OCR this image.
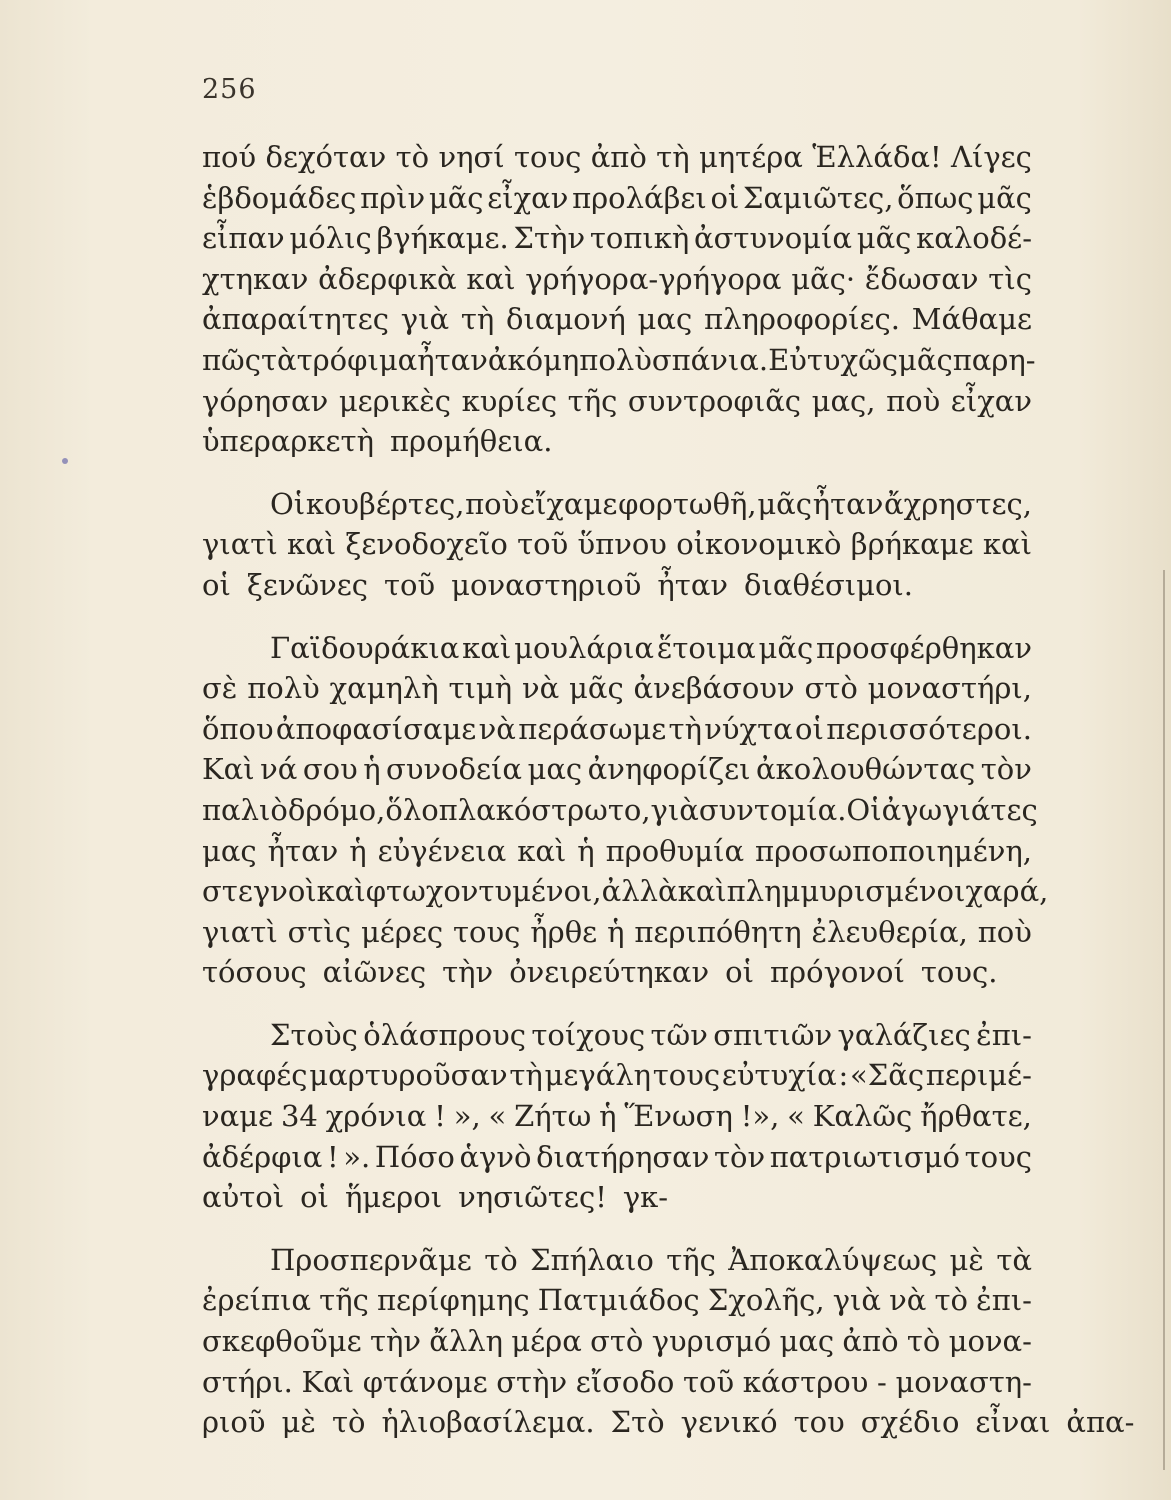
256
πού δεχόταν τὸ νησί τους ἀπὸ τὴ μητέρα Ἑλλάδα! Λίγες
ἑβδομάδες πρὶν μᾶς εἶχαν προλάβει οἱ Σαμιῶτες, ὅπως μᾶς
εἶπαν μόλις βγήκαμε. Στὴν τοπικὴ ἀστυνομία μᾶς καλοδέ-
χτηκαν ἀδερφικὰ καὶ γρήγορα-γρήγορα μᾶς· ἔδωσαν τὶς
ἀπαραίτητες γιὰ τὴ διαμονή μας πληροφορίες. Μάθαμε
πῶς τὰ τρόφιμα ἦταν ἀκόμη πολὺ σπάνια. Εὐτυχῶς μᾶς παρη-
γόρησαν μερικὲς κυρίες τῆς συντροφιᾶς μας, ποὺ εἶχαν
ὑπεραρκετὴ προμήθεια.
Οἱ κουβέρτες, ποὺ εἴχαμε φορτωθῆ, μᾶς ἦταν ἄχρηστες,
γιατὶ καὶ ξενοδοχεῖο τοῦ ὕπνου οἰκονομικὸ βρήκαμε καὶ
οἱ ξενῶνες τοῦ μοναστηριοῦ ἦταν διαθέσιμοι.
Γαϊδουράκια καὶ μουλάρια ἕτοιμα μᾶς προσφέρθηκαν
σὲ πολὺ χαμηλὴ τιμὴ νὰ μᾶς ἀνεβάσουν στὸ μοναστήρι,
ὅπου ἀποφασίσαμε νὰ περάσωμε τὴ νύχτα οἱ περισσότεροι.
Καὶ νά σου ἡ συνοδεία μας ἀνηφορίζει ἀκολουθώντας τὸν
παλιὸ δρόμο, ὅλο πλακόστρωτο, γιὰ συντομία. Οἱ ἀγωγιάτες
μας ἦταν ἡ εὐγένεια καὶ ἡ προθυμία προσωποποιημένη,
στεγνοὶ καὶ φτωχοντυμένοι, ἀλλὰ καὶ πλημμυρισμένοι χαρά,
γιατὶ στὶς μέρες τους ἦρθε ἡ περιπόθητη ἐλευθερία, ποὺ
τόσους αἰῶνες τὴν ὀνειρεύτηκαν οἱ πρόγονοί τους.
Στοὺς ὁλάσπρους τοίχους τῶν σπιτιῶν γαλάζιες ἐπι-
γραφές μαρτυροῦσαν τὴ μεγάλη τους εὐτυχία : «Σᾶς περιμέ-
ναμε 34 χρόνια ! », « Ζήτω ἡ Ἕνωση !», « Καλῶς ἤρθατε,
ἀδέρφια ! ». Πόσο ἁγνὸ διατήρησαν τὸν πατριωτισμό τους
αὐτοὶ οἱ ἥμεροι νησιῶτες! γκ-
Προσπερνᾶμε τὸ Σπήλαιο τῆς Ἀποκαλύψεως μὲ τὰ
ἐρείπια τῆς περίφημης Πατμιάδος Σχολῆς, γιὰ νὰ τὸ ἐπι-
σκεφθοῦμε τὴν ἄλλη μέρα στὸ γυρισμό μας ἀπὸ τὸ μονα-
στήρι. Καὶ φτάνομε στὴν εἴσοδο τοῦ κάστρου - μοναστη-
ριοῦ μὲ τὸ ἡλιοβασίλεμα. Στὸ γενικό του σχέδιο εἶναι ἀπα-
